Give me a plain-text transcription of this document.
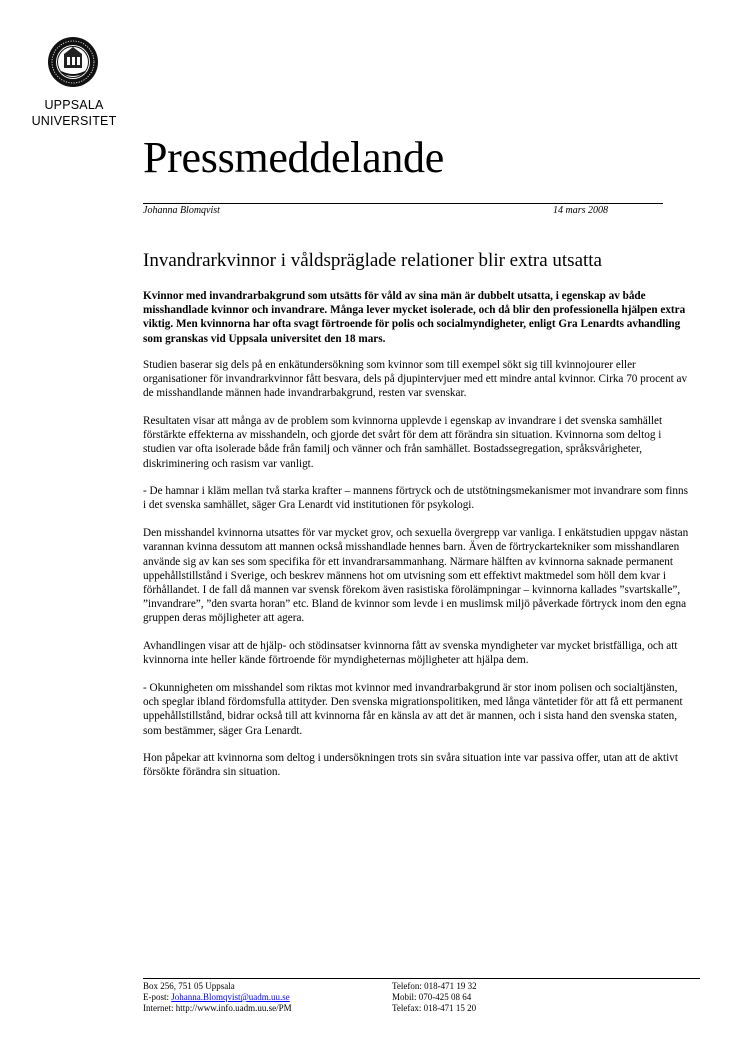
UPPSALA
UNIVERSITET
Pressmeddelande
Johanna Blomqvist	14 mars 2008
Invandrarkvinnor i våldspräglade relationer blir extra utsatta

Kvinnor med invandrarbakgrund som utsätts för våld av sina män är dubbelt utsatta, i egenskap av både misshandlade kvinnor och invandrare. Många lever mycket isolerade, och då blir den professionella hjälpen extra viktig. Men kvinnorna har ofta svagt förtroende för polis och socialmyndigheter, enligt Gra Lenardts avhandling som granskas vid Uppsala universitet den 18 mars.

Studien baserar sig dels på en enkätundersökning som kvinnor som till exempel sökt sig till kvinnojourer eller organisationer för invandrarkvinnor fått besvara, dels på djupintervjuer med ett mindre antal kvinnor. Cirka 70 procent av de misshandlande männen hade invandrarbakgrund, resten var svenskar.

Resultaten visar att många av de problem som kvinnorna upplevde i egenskap av invandrare i det svenska samhället förstärkte effekterna av misshandeln, och gjorde det svårt för dem att förändra sin situation. Kvinnorna som deltog i studien var ofta isolerade både från familj och vänner och från samhället. Bostadssegregation, språksvårigheter, diskriminering och rasism var vanligt.

- De hamnar i kläm mellan två starka krafter – mannens förtryck och de utstötningsmekanismer mot invandrare som finns i det svenska samhället, säger Gra Lenardt vid institutionen för psykologi.

Den misshandel kvinnorna utsattes för var mycket grov, och sexuella övergrepp var vanliga. I enkätstudien uppgav nästan varannan kvinna dessutom att mannen också misshandlade hennes barn. Även de förtryckartekniker som misshandlaren använde sig av kan ses som specifika för ett invandrarsammanhang. Närmare hälften av kvinnorna saknade permanent uppehållstillstånd i Sverige, och beskrev männens hot om utvisning som ett effektivt maktmedel som höll dem kvar i förhållandet. I de fall då mannen var svensk förekom även rasistiska förolämpningar – kvinnorna kallades ”svartskalle”, ”invandrare”, ”den svarta horan” etc. Bland de kvinnor som levde i en muslimsk miljö påverkade förtryck inom den egna gruppen deras möjligheter att agera.

Avhandlingen visar att de hjälp- och stödinsatser kvinnorna fått av svenska myndigheter var mycket bristfälliga, och att kvinnorna inte heller kände förtroende för myndigheternas möjligheter att hjälpa dem.

- Okunnigheten om misshandel som riktas mot kvinnor med invandrarbakgrund är stor inom polisen och socialtjänsten, och speglar ibland fördomsfulla attityder. Den svenska migrationspolitiken, med långa väntetider för att få ett permanent uppehållstillstånd, bidrar också till att kvinnorna får en känsla av att det är mannen, och i sista hand den svenska staten, som bestämmer, säger Gra Lenardt.

Hon påpekar att kvinnorna som deltog i undersökningen trots sin svåra situation inte var passiva offer, utan att de aktivt försökte förändra sin situation.

Box 256, 751 05 Uppsala
E-post: Johanna.Blomqvist@uadm.uu.se
Internet: http://www.info.uadm.uu.se/PM
Telefon: 018-471 19 32
Mobil: 070-425 08 64
Telefax: 018-471 15 20
